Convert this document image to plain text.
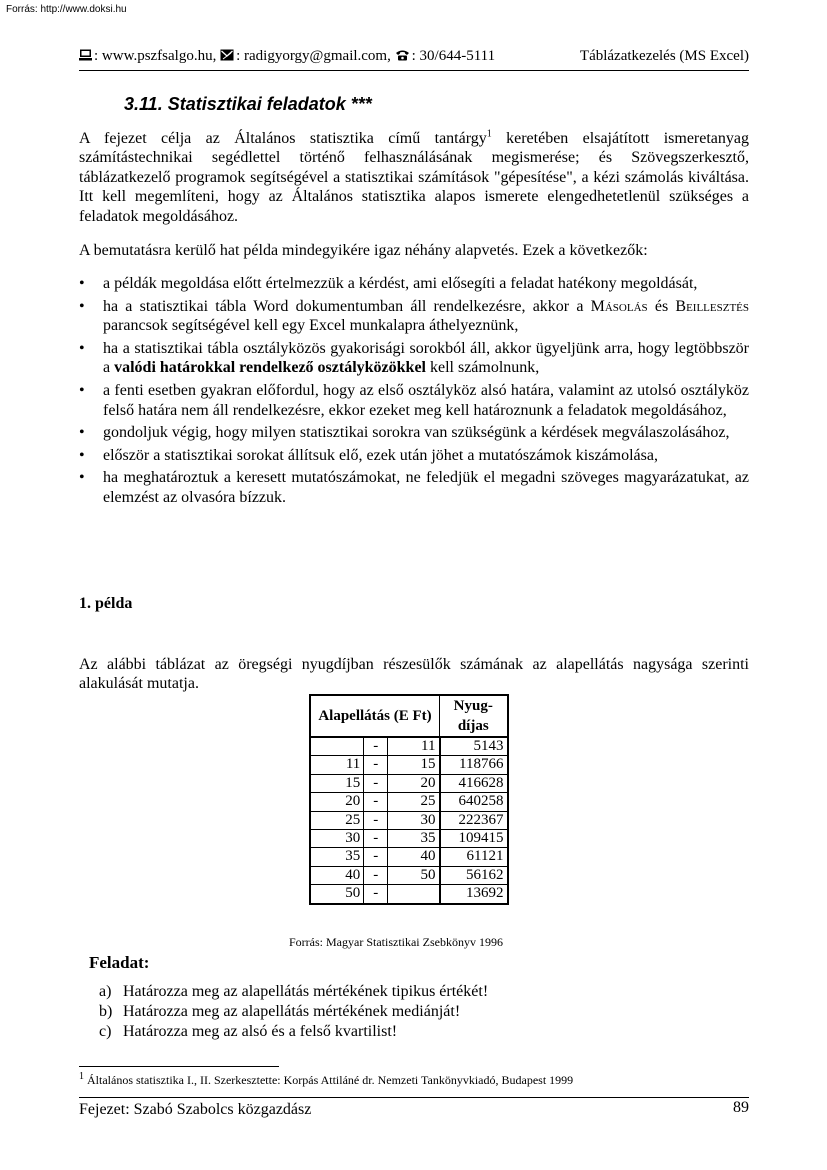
Forrás: http://www.doksi.hu
: www.pszfsalgo.hu, : radigyorgy@gmail.com, : 30/644-5111	Táblázatkezelés (MS Excel)
3.11. Statisztikai feladatok ***
A fejezet célja az Általános statisztika című tantárgy$^1$ keretében elsajátított ismeretanyag számítástechnikai segédlettel történő felhasználásának megismerése; és Szövegszerkesztő, táblázatkezelő programok segítségével a statisztikai számítások "gépesítése", a kézi számolás kiváltása. Itt kell megemlíteni, hogy az Általános statisztika alapos ismerete elengedhetetlenül szükséges a feladatok megoldásához.
A bemutatásra kerülő hat példa mindegyikére igaz néhány alapvetés. Ezek a következők:
• a példák megoldása előtt értelmezzük a kérdést, ami elősegíti a feladat hatékony megoldását,
• ha a statisztikai tábla Word dokumentumban áll rendelkezésre, akkor a Másolás és Beillesztés parancsok segítségével kell egy Excel munkalapra áthelyeznünk,
• ha a statisztikai tábla osztályközös gyakorisági sorokból áll, akkor ügyeljünk arra, hogy legtöbbször a valódi határokkal rendelkező osztályközökkel kell számolnunk,
• a fenti esetben gyakran előfordul, hogy az első osztályköz alsó határa, valamint az utolsó osztályköz felső határa nem áll rendelkezésre, ekkor ezeket meg kell határoznunk a feladatok megoldásához,
• gondoljuk végig, hogy milyen statisztikai sorokra van szükségünk a kérdések megválaszolásához,
• először a statisztikai sorokat állítsuk elő, ezek után jöhet a mutatószámok kiszámolása,
• ha meghatároztuk a keresett mutatószámokat, ne feledjük el megadni szöveges magyarázatukat, az elemzést az olvasóra bízzuk.
1. példa
Az alábbi táblázat az öregségi nyugdíjban részesülők számának az alapellátás nagysága szerinti alakulását mutatja.
Alapellátás (E Ft)			Nyug-díjas
	-	11	5143
11	-	15	118766
15	-	20	416628
20	-	25	640258
25	-	30	222367
30	-	35	109415
35	-	40	61121
40	-	50	56162
50	-		13692
Forrás: Magyar Statisztikai Zsebkönyv 1996
Feladat:
a) Határozza meg az alapellátás mértékének tipikus értékét!
b) Határozza meg az alapellátás mértékének mediánját!
c) Határozza meg az alsó és a felső kvartilist!
$^1$ Általános statisztika I., II. Szerkesztette: Korpás Attiláné dr. Nemzeti Tankönyvkiadó, Budapest 1999
Fejezet: Szabó Szabolcs közgazdász	89
